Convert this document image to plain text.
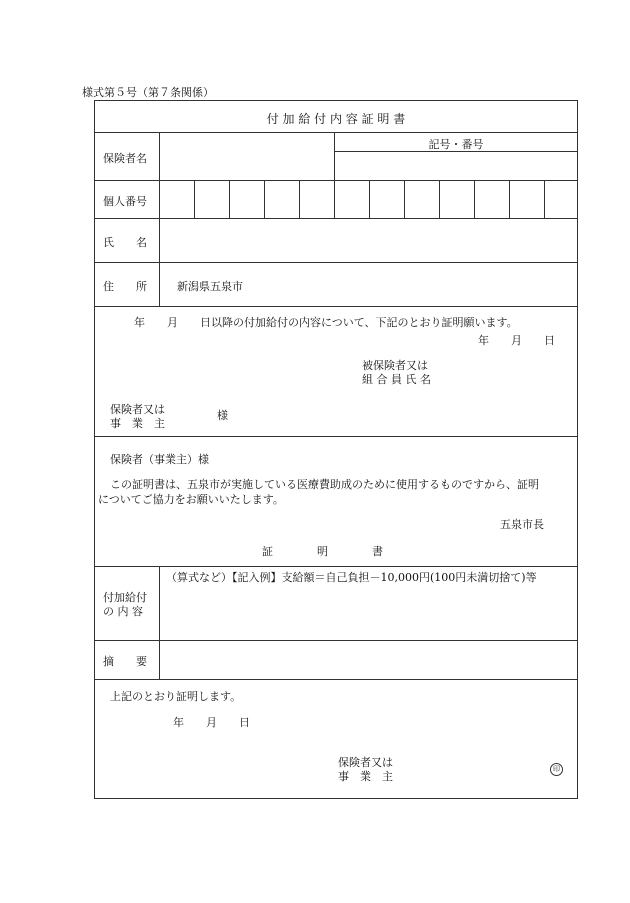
様式第５号（第７条関係）
付 加 給 付 内 容 証 明 書
保険者名
記号・番号
個人番号
氏　　名
住　　所	新潟県五泉市
年　　月　　日以降の付加給付の内容について、下記のとおり証明願います。
年　　月　　日
被保険者又は
組 合 員 氏 名
保険者又は
事　業　主
様
保険者（事業主）様
この証明書は、五泉市が実施している医療費助成のために使用するものですから、証明
についてご協力をお願いいたします。
五泉市長
証　　　　明　　　　書
付加給付
の 内 容
（算式など）【記入例】支給額＝自己負担－10,000円(100円未満切捨て)等
摘　　要
上記のとおり証明します。
年　　月　　日
保険者又は
事　業　主
印
